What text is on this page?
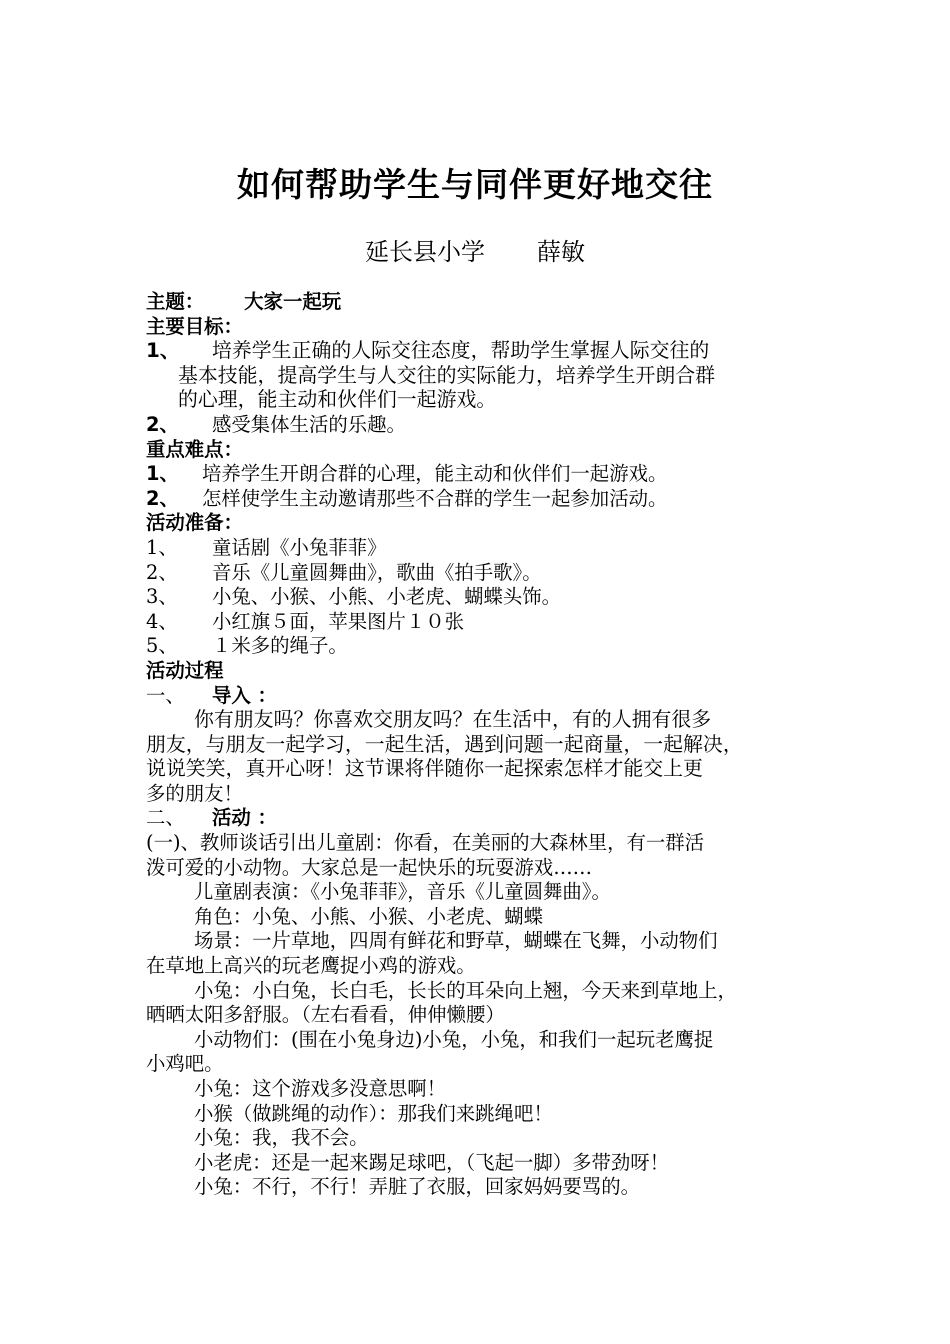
如何帮助学生与同伴更好地交往
延长县小学 薛敏
主题： 大家一起玩
主要目标：
1、 培养学生正确的人际交往态度，帮助学生掌握人际交往的
基本技能，提高学生与人交往的实际能力，培养学生开朗合群
的心理，能主动和伙伴们一起游戏。
2、 感受集体生活的乐趣。
重点难点：
1、 培养学生开朗合群的心理，能主动和伙伴们一起游戏。
2、 怎样使学生主动邀请那些不合群的学生一起参加活动。
活动准备：
1、 童话剧《小兔菲菲》
2、 音乐《儿童圆舞曲》，歌曲《拍手歌》。
3、 小兔、小猴、小熊、小老虎、蝴蝶头饰。
4、 小红旗５面，苹果图片１０张
5、 １米多的绳子。
活动过程
一、 导入 ：
你有朋友吗？你喜欢交朋友吗？在生活中，有的人拥有很多
朋友，与朋友一起学习，一起生活，遇到问题一起商量，一起解决，
说说笑笑，真开心呀！这节课将伴随你一起探索怎样才能交上更
多的朋友！
二、 活动 ：
(一)、教师谈话引出儿童剧：你看，在美丽的大森林里，有一群活
泼可爱的小动物。大家总是一起快乐的玩耍游戏……
儿童剧表演：《小兔菲菲》，音乐《儿童圆舞曲》。
角色：小兔、小熊、小猴、小老虎、蝴蝶
场景：一片草地，四周有鲜花和野草，蝴蝶在飞舞，小动物们
在草地上高兴的玩老鹰捉小鸡的游戏。
小兔：小白兔，长白毛，长长的耳朵向上翘，今天来到草地上，
晒晒太阳多舒服。（左右看看，伸伸懒腰）
小动物们：(围在小兔身边)小兔，小兔，和我们一起玩老鹰捉
小鸡吧。
小兔：这个游戏多没意思啊！
小猴（做跳绳的动作）：那我们来跳绳吧！
小兔：我，我不会。
小老虎：还是一起来踢足球吧，（飞起一脚）多带劲呀！
小兔：不行，不行！弄脏了衣服，回家妈妈要骂的。
